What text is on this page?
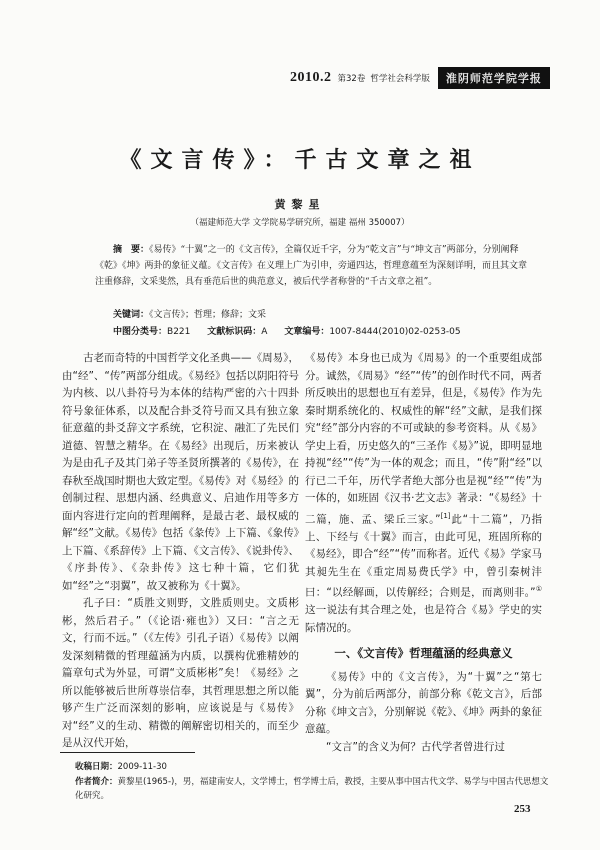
2010.2 第32卷 哲学社会科学版	淮阴师范学院学报
《文言传》：千古文章之祖
黄黎星
（福建师范大学 文学院易学研究所，福建 福州 350007）
摘　要：《易传》“十翼”之一的《文言传》，全篇仅近千字，分为“乾文言”与“坤文言”两部分，分别阐释《乾》《坤》两卦的象征义蕴。《文言传》在义理上广为引申，旁通四达，哲理意蕴至为深刻详明，而且其文章注重修辞，文采斐然，具有垂范后世的典范意义，被后代学者称誉的“千古文章之祖”。
关键词：《文言传》；哲理；修辞；文采
中图分类号：B221 文献标识码：A 文章编号：1007-8444(2010)02-0253-05

古老而奇特的中国哲学文化圣典——《周易》，由“经”、“传”两部分组成。《易经》包括以阴阳符号为内核、以八卦符号为本体的结构严密的六十四卦符号象征体系，以及配合卦爻符号而又具有独立象征意蕴的卦爻辞文字系统，它积淀、融汇了先民们道德、智慧之精华。在《易经》出现后，历来被认为是由孔子及其门弟子等圣贤所撰著的《易传》，在春秋至战国时期也大致定型。《易传》对《易经》的创制过程、思想内涵、经典意义、启迪作用等多方面内容进行定向的哲理阐释，是最古老、最权威的解“经”文献。《易传》包括《彖传》上下篇、《象传》上下篇、《系辞传》上下篇、《文言传》、《说卦传》、《序卦传》、《杂卦传》这七种十篇，它们犹如“经”之“羽翼”，故又被称为《十翼》。

孔子曰：“质胜文则野，文胜质则史。文质彬彬，然后君子。”（《论语·雍也》）又曰：“言之无文，行而不远。”（《左传》引孔子语）《易传》以阐发深刻精微的哲理蕴涵为内质，以撰构优雅精妙的篇章句式为外显，可谓“文质彬彬”矣！《易经》之所以能够被后世所尊崇信奉，其哲理思想之所以能够产生广泛而深刻的影响，应该说是与《易传》对“经”义的生动、精微的阐解密切相关的，而至少是从汉代开始，

《易传》本身也已成为《周易》的一个重要组成部分。诚然，《周易》“经”“传”的创作时代不同，两者所反映出的思想也互有差异，但是，《易传》作为先秦时期系统化的、权威性的解“经”文献，是我们探究“经”部分内容的不可或缺的参考资料。从《易》学史上看，历史悠久的“三圣作《易》”说，即明显地持视“经”“传”为一体的观念；而且，“传”附“经”以行已二千年，历代学者绝大部分也是视“经”“传”为一体的，如班固《汉书·艺文志》著录：“《易经》十二篇，施、孟、梁丘三家。”[1]此“十二篇”，乃指上、下经与《十翼》而言，由此可见，班固所称的《易经》，即合“经”“传”而称者。近代《易》学家马其昶先生在《重定周易费氏学》中，曾引秦树沣曰：“以经解画，以传解经；合则是，而离则非。”①这一说法有其合理之处，也是符合《易》学史的实际情况的。

一、《文言传》哲理蕴涵的经典意义

《易传》中的《文言传》，为“十翼”之“第七翼”，分为前后两部分，前部分称《乾文言》，后部分称《坤文言》，分别解说《乾》、《坤》两卦的象征意蕴。

“文言”的含义为何？古代学者曾进行过

收稿日期：2009-11-30
作者简介：黄黎星(1965-)，男，福建南安人，文学博士，哲学博士后，教授，主要从事中国古代文学、易学与中国古代思想文化研究。
253
